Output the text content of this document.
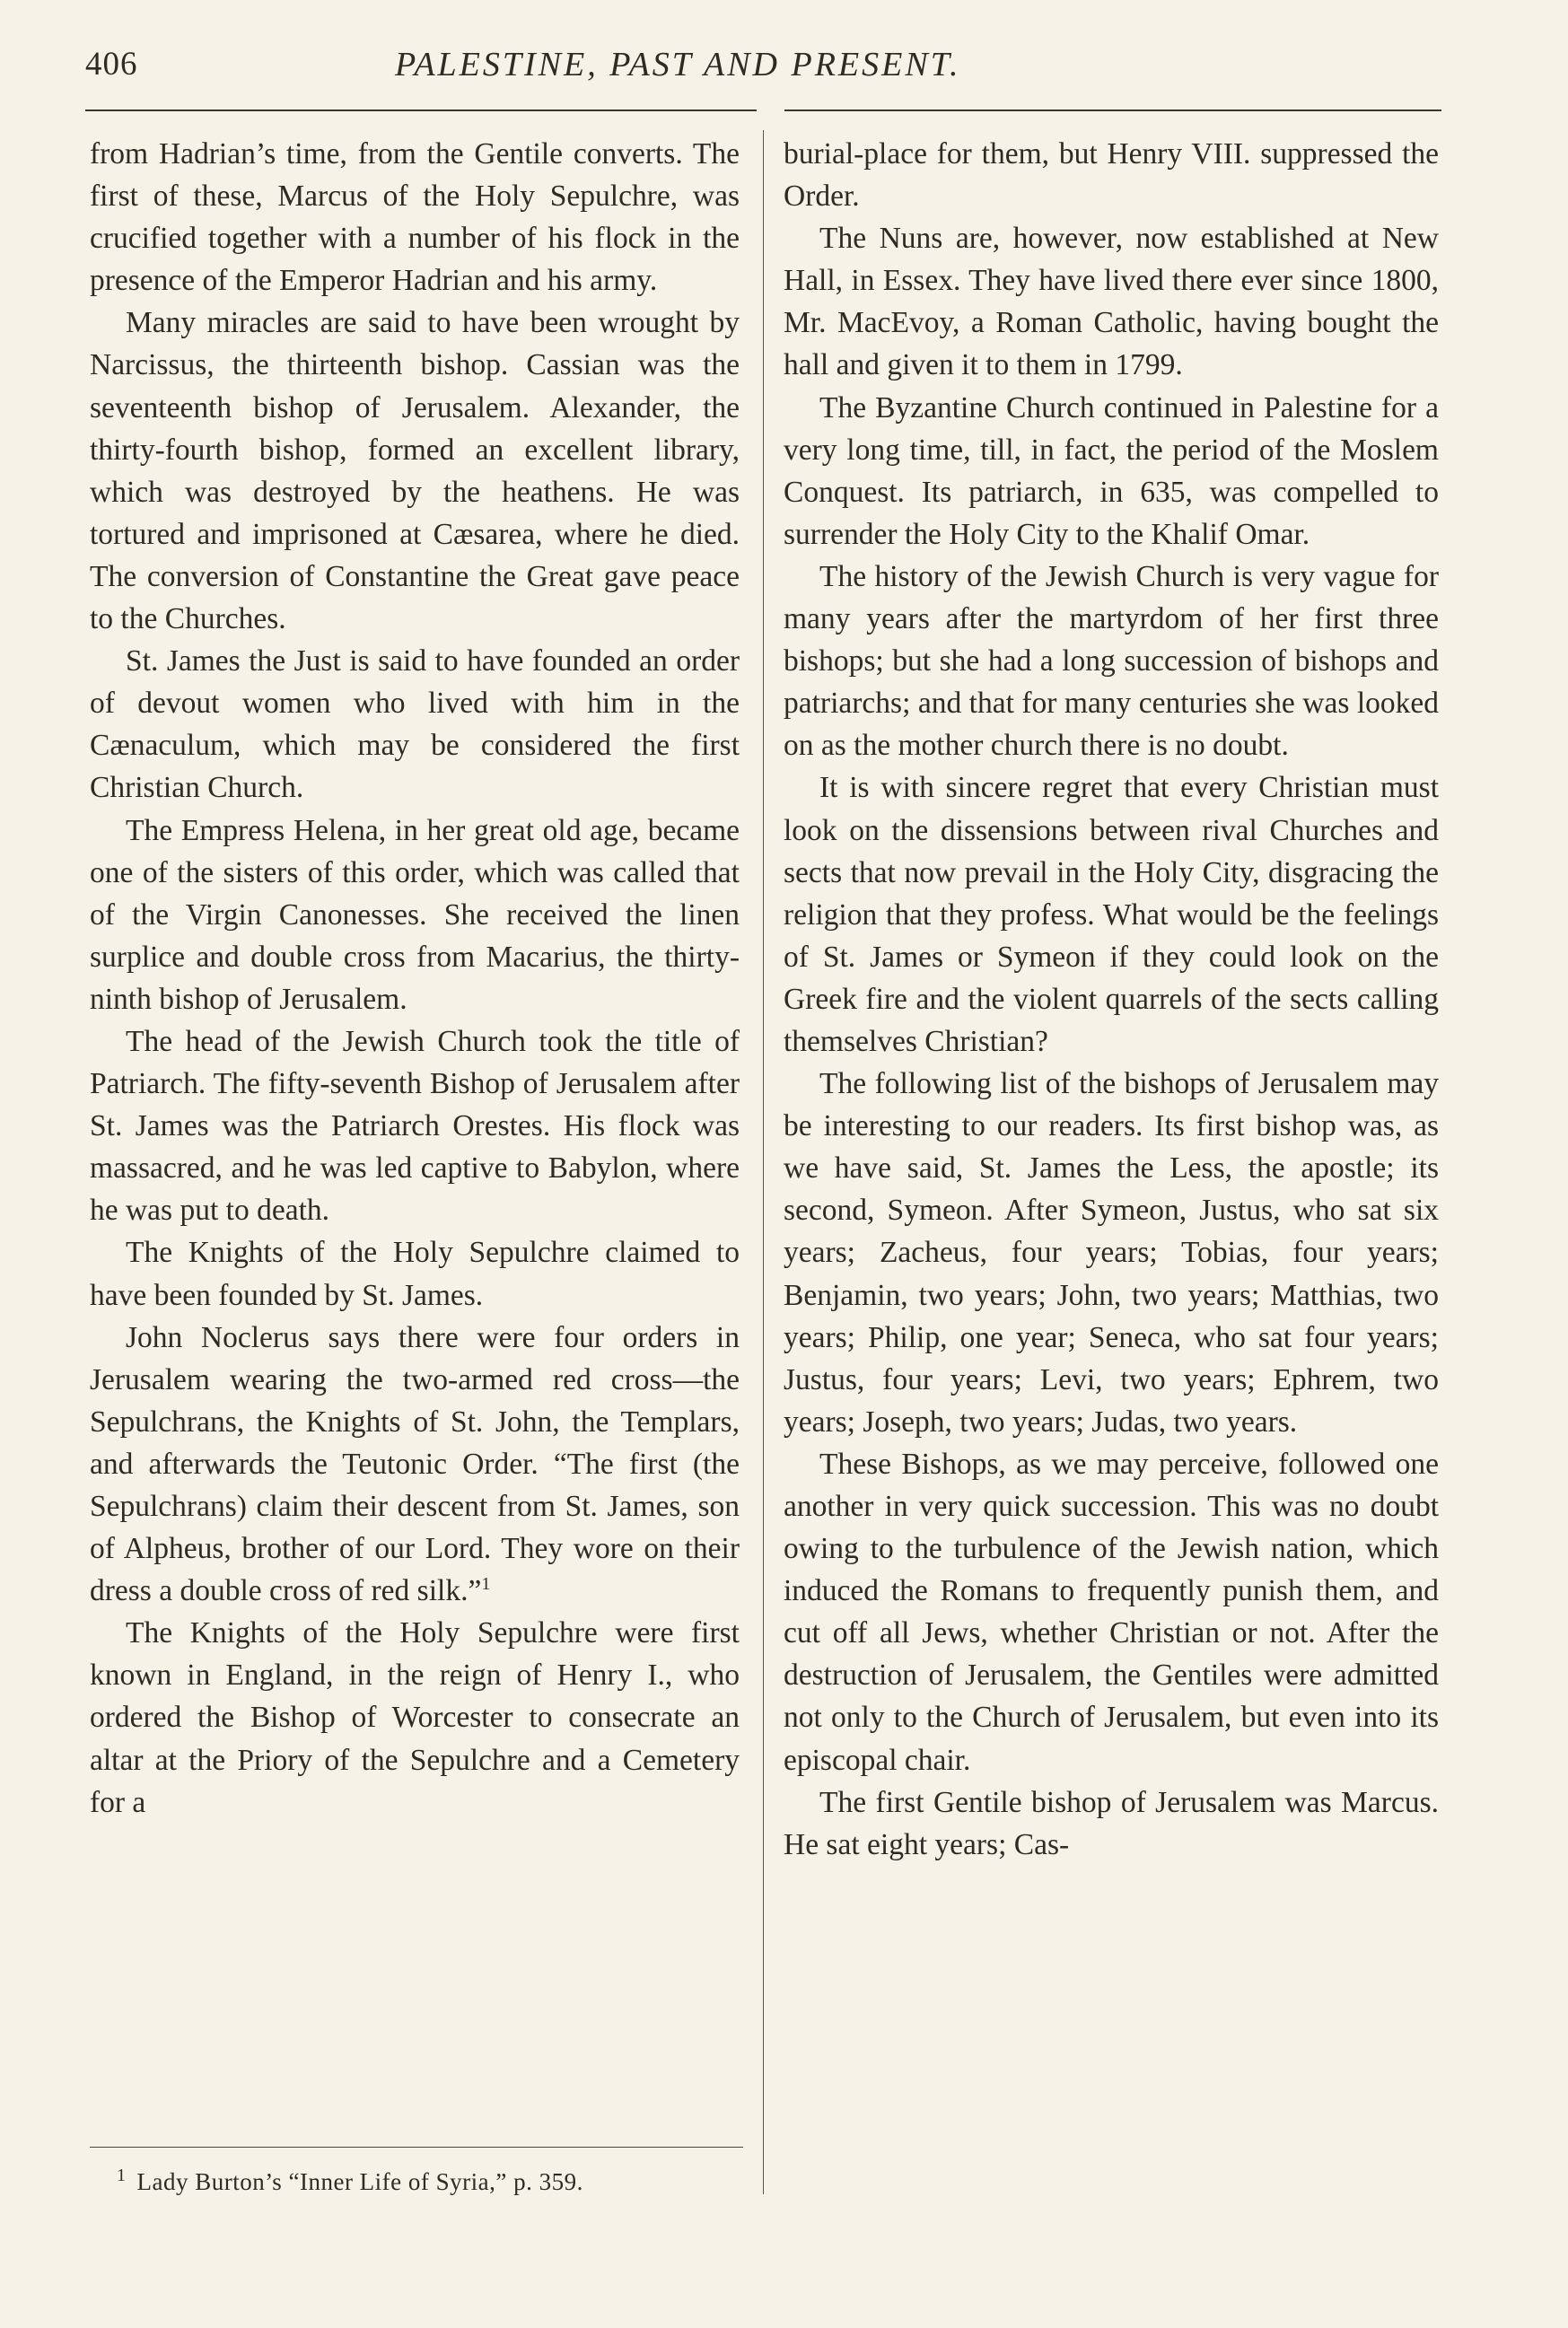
406	PALESTINE, PAST AND PRESENT.

from Hadrian’s time, from the Gentile converts. The first of these, Marcus of the Holy Sepulchre, was crucified together with a number of his flock in the presence of the Emperor Hadrian and his army.

Many miracles are said to have been wrought by Narcissus, the thirteenth bishop. Cassian was the seventeenth bishop of Jerusalem. Alexander, the thirty-fourth bishop, formed an excellent library, which was destroyed by the heathens. He was tortured and imprisoned at Cæsarea, where he died. The conversion of Constantine the Great gave peace to the Churches.

St. James the Just is said to have founded an order of devout women who lived with him in the Cænaculum, which may be considered the first Christian Church.

The Empress Helena, in her great old age, became one of the sisters of this order, which was called that of the Virgin Canonesses. She received the linen surplice and double cross from Macarius, the thirty-ninth bishop of Jerusalem.

The head of the Jewish Church took the title of Patriarch. The fifty-seventh Bishop of Jerusalem after St. James was the Patriarch Orestes. His flock was massacred, and he was led captive to Babylon, where he was put to death.

The Knights of the Holy Sepulchre claimed to have been founded by St. James.

John Noclerus says there were four orders in Jerusalem wearing the two-armed red cross—the Sepulchrans, the Knights of St. John, the Templars, and afterwards the Teutonic Order. “The first (the Sepulchrans) claim their descent from St. James, son of Alpheus, brother of our Lord. They wore on their dress a double cross of red silk.”$^1$

The Knights of the Holy Sepulchre were first known in England, in the reign of Henry I., who ordered the Bishop of Worcester to consecrate an altar at the Priory of the Sepulchre and a Cemetery for a

burial-place for them, but Henry VIII. suppressed the Order.

The Nuns are, however, now established at New Hall, in Essex. They have lived there ever since 1800, Mr. MacEvoy, a Roman Catholic, having bought the hall and given it to them in 1799.

The Byzantine Church continued in Palestine for a very long time, till, in fact, the period of the Moslem Conquest. Its patriarch, in 635, was compelled to surrender the Holy City to the Khalif Omar.

The history of the Jewish Church is very vague for many years after the martyrdom of her first three bishops; but she had a long succession of bishops and patriarchs; and that for many centuries she was looked on as the mother church there is no doubt.

It is with sincere regret that every Christian must look on the dissensions between rival Churches and sects that now prevail in the Holy City, disgracing the religion that they profess. What would be the feelings of St. James or Symeon if they could look on the Greek fire and the violent quarrels of the sects calling themselves Christian?

The following list of the bishops of Jerusalem may be interesting to our readers. Its first bishop was, as we have said, St. James the Less, the apostle; its second, Symeon. After Symeon, Justus, who sat six years; Zacheus, four years; Tobias, four years; Benjamin, two years; John, two years; Matthias, two years; Philip, one year; Seneca, who sat four years; Justus, four years; Levi, two years; Ephrem, two years; Joseph, two years; Judas, two years.

These Bishops, as we may perceive, followed one another in very quick succession. This was no doubt owing to the turbulence of the Jewish nation, which induced the Romans to frequently punish them, and cut off all Jews, whether Christian or not. After the destruction of Jerusalem, the Gentiles were admitted not only to the Church of Jerusalem, but even into its episcopal chair.

The first Gentile bishop of Jerusalem was Marcus. He sat eight years; Cas-

$^1$ Lady Burton’s “Inner Life of Syria,” p. 359.
